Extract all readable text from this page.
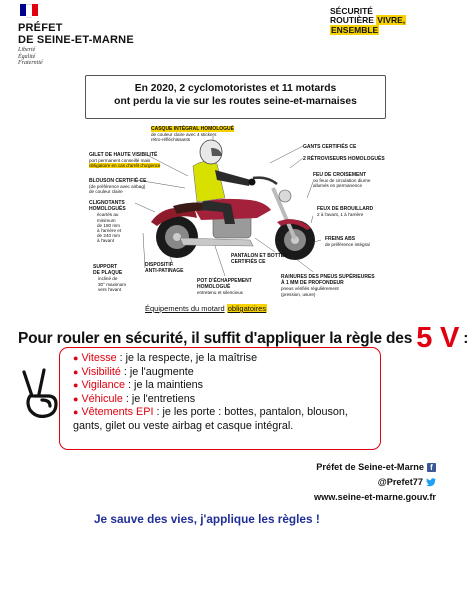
PRÉFET
DE SEINE-ET-MARNE
Liberté
Égalité
Fraternité
SÉCURITÉ
ROUTIÈRE VIVRE,
ENSEMBLE
En 2020, 2 cyclomotoristes et 11 motards
ont perdu la vie sur les routes seine-et-marnaises
CASQUE INTÉGRAL HOMOLOGUÉ
de couleur claire avec 4 stickers
rétro-réfléchissants
GILET DE HAUTE VISIBILITÉ
port permanent conseillé mais
obligatoire en cas d'arrêt d'urgence
GANTS CERTIFIÉS CE
2 RÉTROVISEURS HOMOLOGUÉS
BLOUSON CERTIFIÉ CE
(de préférence avec airbag)
de couleur claire
FEU DE CROISEMENT
ou feux de circulation diurne
allumés en permanence
CLIGNOTANTS
HOMOLOGUÉS
écartés au
minimum
de 180 mm
à l'arrière et
de 240 mm
à l'avant
FEUX DE BROUILLARD
2 à l'avant, 1 à l'arrière
FREINS ABS
de préférence intégral
PANTALON ET BOTTES
CERTIFIÉS CE
SUPPORT
DE PLAQUE
incliné de
30° maximum
vers l'avant
DISPOSITIF
ANTI-PATINAGE
POT D'ÉCHAPPEMENT
HOMOLOGUÉ
entretenu et silencieux
RAINURES DES PNEUS SUPÉRIEURES
À 1 MM DE PROFONDEUR
pneus vérifiés régulièrement
(pression, usure)
Équipements du motard obligatoires
Pour rouler en sécurité, il suffit d'appliquer la règle des 5 V :
● Vitesse : je la respecte, je la maîtrise
● Visibilité : je l'augmente
● Vigilance : je la maintiens
● Véhicule : je l'entretiens
● Vêtements EPI : je les porte : bottes, pantalon, blouson,
gants, gilet ou veste airbag et casque intégral.
Préfet de Seine-et-Marne f
@Prefet77
www.seine-et-marne.gouv.fr
Je sauve des vies, j'applique les règles !
